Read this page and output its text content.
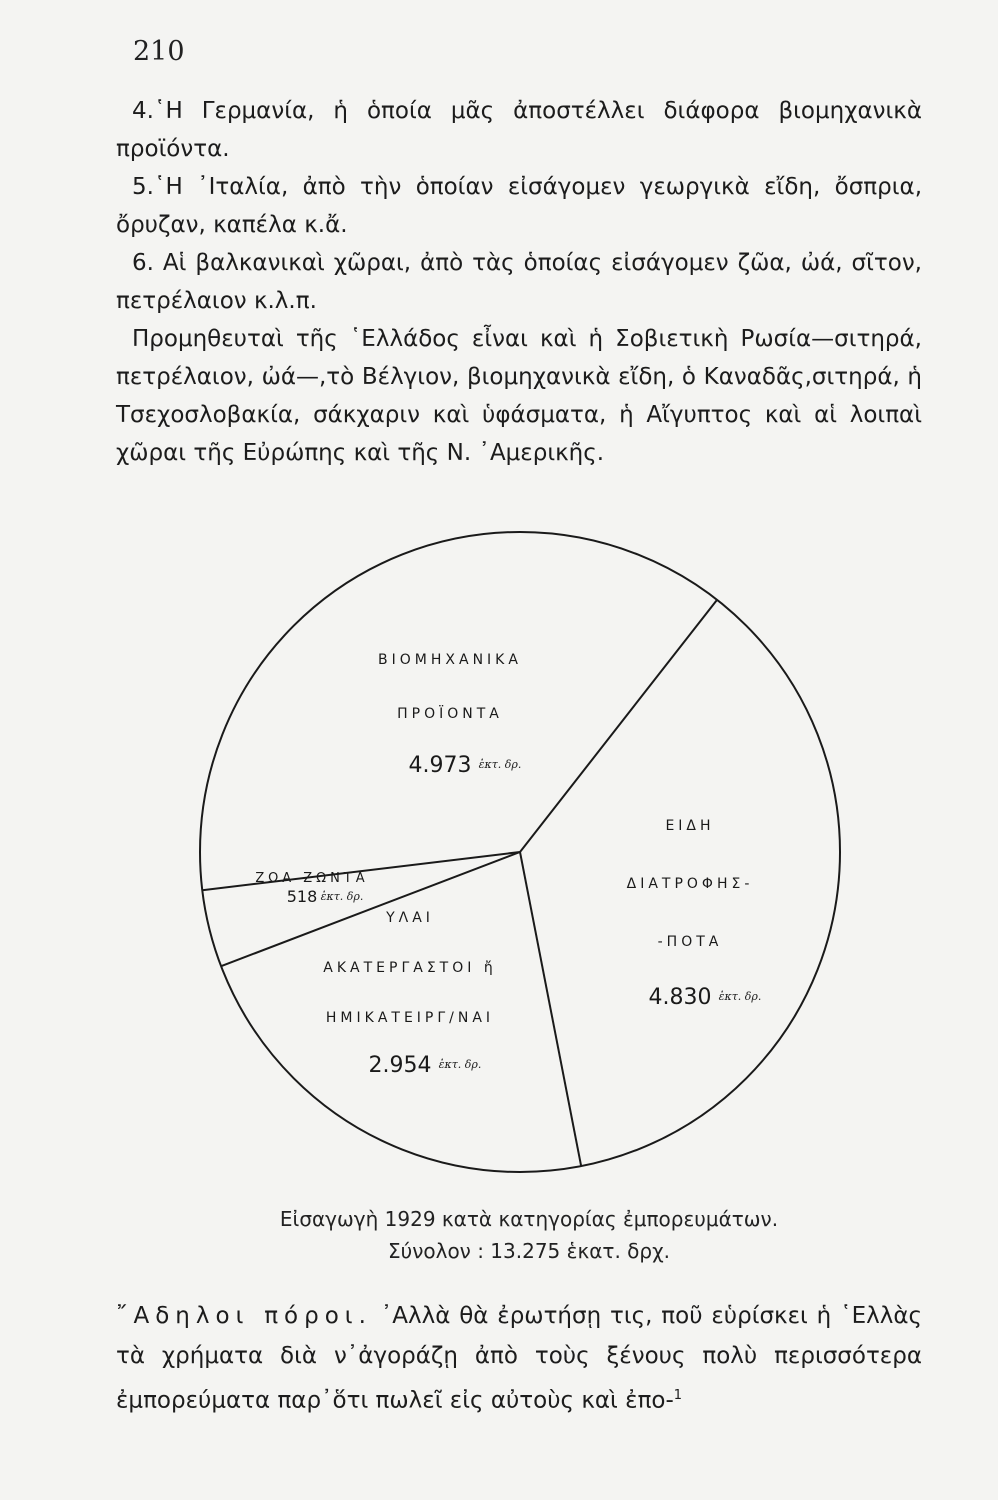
210
4.῾Η Γερμανία, ἡ ὁποία μᾶς ἀποστέλλει διάφορα βιομηχανικὰ προϊόντα.
5.῾Η ᾿Ιταλία, ἀπὸ τὴν ὁποίαν εἰσάγομεν γεωργικὰ εἴδη, ὄσπρια, ὄρυζαν, καπέλα κ.ἄ.
6. Αἱ βαλκανικαὶ χῶραι, ἀπὸ τὰς ὁποίας εἰσάγομεν ζῶα, ὠά, σῖτον, πετρέλαιον κ.λ.π.
Προμηθευταὶ τῆς ῾Ελλάδος εἶναι καὶ ἡ Σοβιετικὴ Ρωσία—σιτηρά, πετρέλαιον, ὠά—,τὸ Βέλγιον, βιομηχανικὰ εἴδη, ὁ Καναδᾶς,σιτηρά, ἡ Τσεχοσλοβακία, σάκχαριν καὶ ὑφάσματα, ἡ Αἴγυπτος καὶ αἱ λοιπαὶ χῶραι τῆς Εὐρώπης καὶ τῆς Ν. ᾿Αμερικῆς.
ΒΙΟΜΗΧΑΝΙΚΑ
ΠΡΟΪΟΝΤΑ
4.973 ἑκτ. δρ.
ΕΙΔΗ
ΔΙΑΤΡΟΦΗΣ-
-ΠΟΤΑ
4.830 ἑκτ. δρ.
ΥΛΑΙ
ΑΚΑΤΕΡΓΑΣΤΟΙ ἤ
ΗΜΙΚΑΤΕΙΡΓ/ΝΑΙ
2.954 ἑκτ. δρ.
ΖΩΑ ΖΩΝΤΑ
518 ἑκτ. δρ.
Εἰσαγωγὴ 1929 κατὰ κατηγορίας ἐμπορευμάτων.
Σύνολον : 13.275 ἑκατ. δρχ.
῎Αδηλοι πόροι. ᾿Αλλὰ θὰ ἐρωτήσῃ τις, ποῦ εὑρίσκει ἡ ῾Ελλὰς τὰ χρήματα διὰ ν᾿ἀγοράζῃ ἀπὸ τοὺς ξένους πολὺ περισσότερα ἐμπορεύματα παρ᾿ὅτι πωλεῖ εἰς αὐτοὺς καὶ ἐπο-$^1$
